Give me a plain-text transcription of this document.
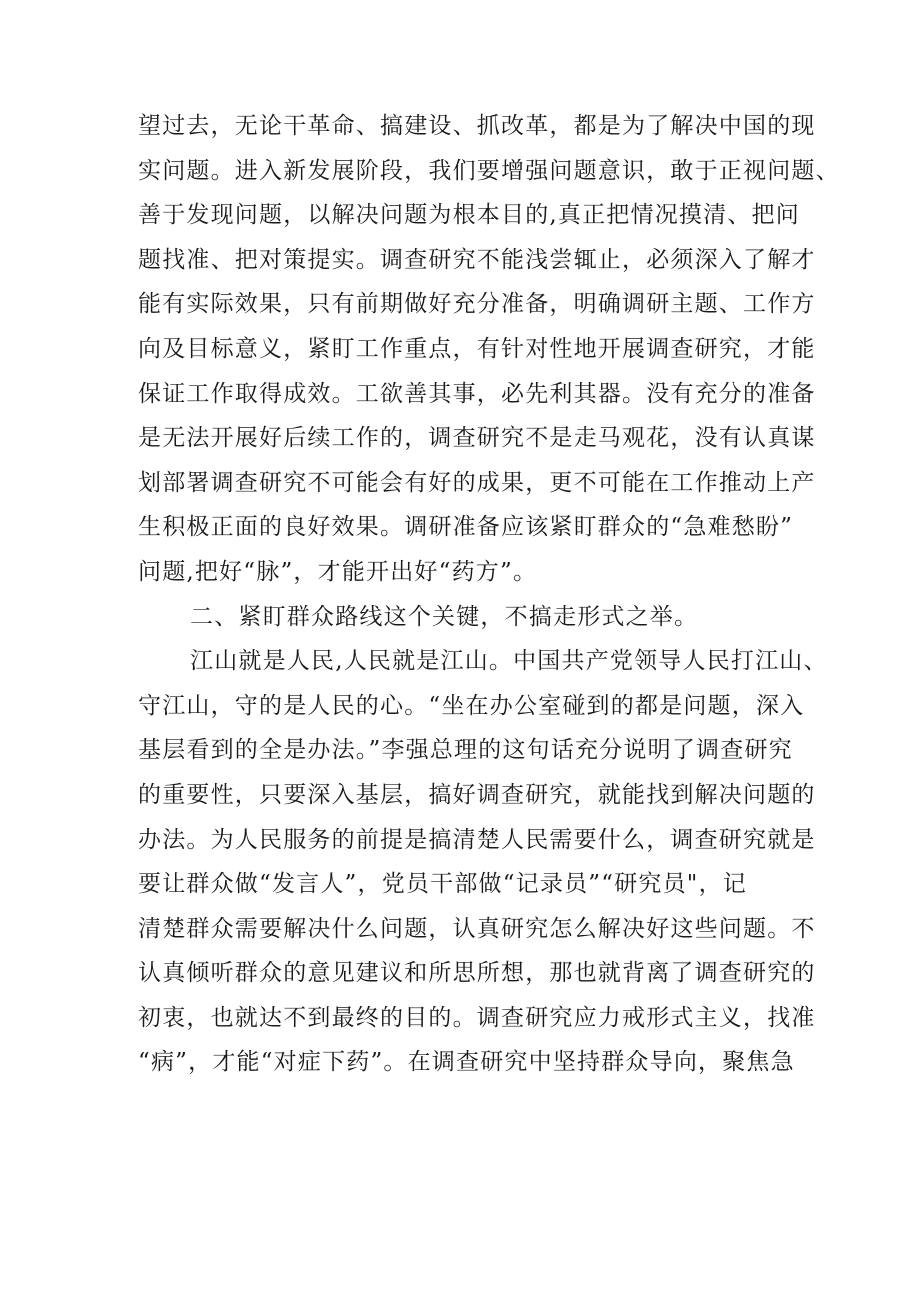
望过去，无论干革命、搞建设、抓改革，都是为了解决中国的现
实问题。进入新发展阶段，我们要增强问题意识，敢于正视问题、
善于发现问题，以解决问题为根本目的,真正把情况摸清、把问
题找准、把对策提实。调查研究不能浅尝辄止，必须深入了解才
能有实际效果，只有前期做好充分准备，明确调研主题、工作方
向及目标意义，紧盯工作重点，有针对性地开展调查研究，才能
保证工作取得成效。工欲善其事，必先利其器。没有充分的准备
是无法开展好后续工作的，调查研究不是走马观花，没有认真谋
划部署调查研究不可能会有好的成果，更不可能在工作推动上产
生积极正面的良好效果。调研准备应该紧盯群众的“急难愁盼”
问题,把好“脉”，才能开出好“药方”。
二、紧盯群众路线这个关键，不搞走形式之举。
江山就是人民,人民就是江山。中国共产党领导人民打江山、
守江山，守的是人民的心。“坐在办公室碰到的都是问题，深入
基层看到的全是办法。”李强总理的这句话充分说明了调查研究
的重要性，只要深入基层，搞好调查研究，就能找到解决问题的
办法。为人民服务的前提是搞清楚人民需要什么，调查研究就是
要让群众做“发言人”，党员干部做“记录员”“研究员"，记
清楚群众需要解决什么问题，认真研究怎么解决好这些问题。不
认真倾听群众的意见建议和所思所想，那也就背离了调查研究的
初衷，也就达不到最终的目的。调查研究应力戒形式主义，找准
“病”，才能“对症下药”。在调查研究中坚持群众导向，聚焦急
